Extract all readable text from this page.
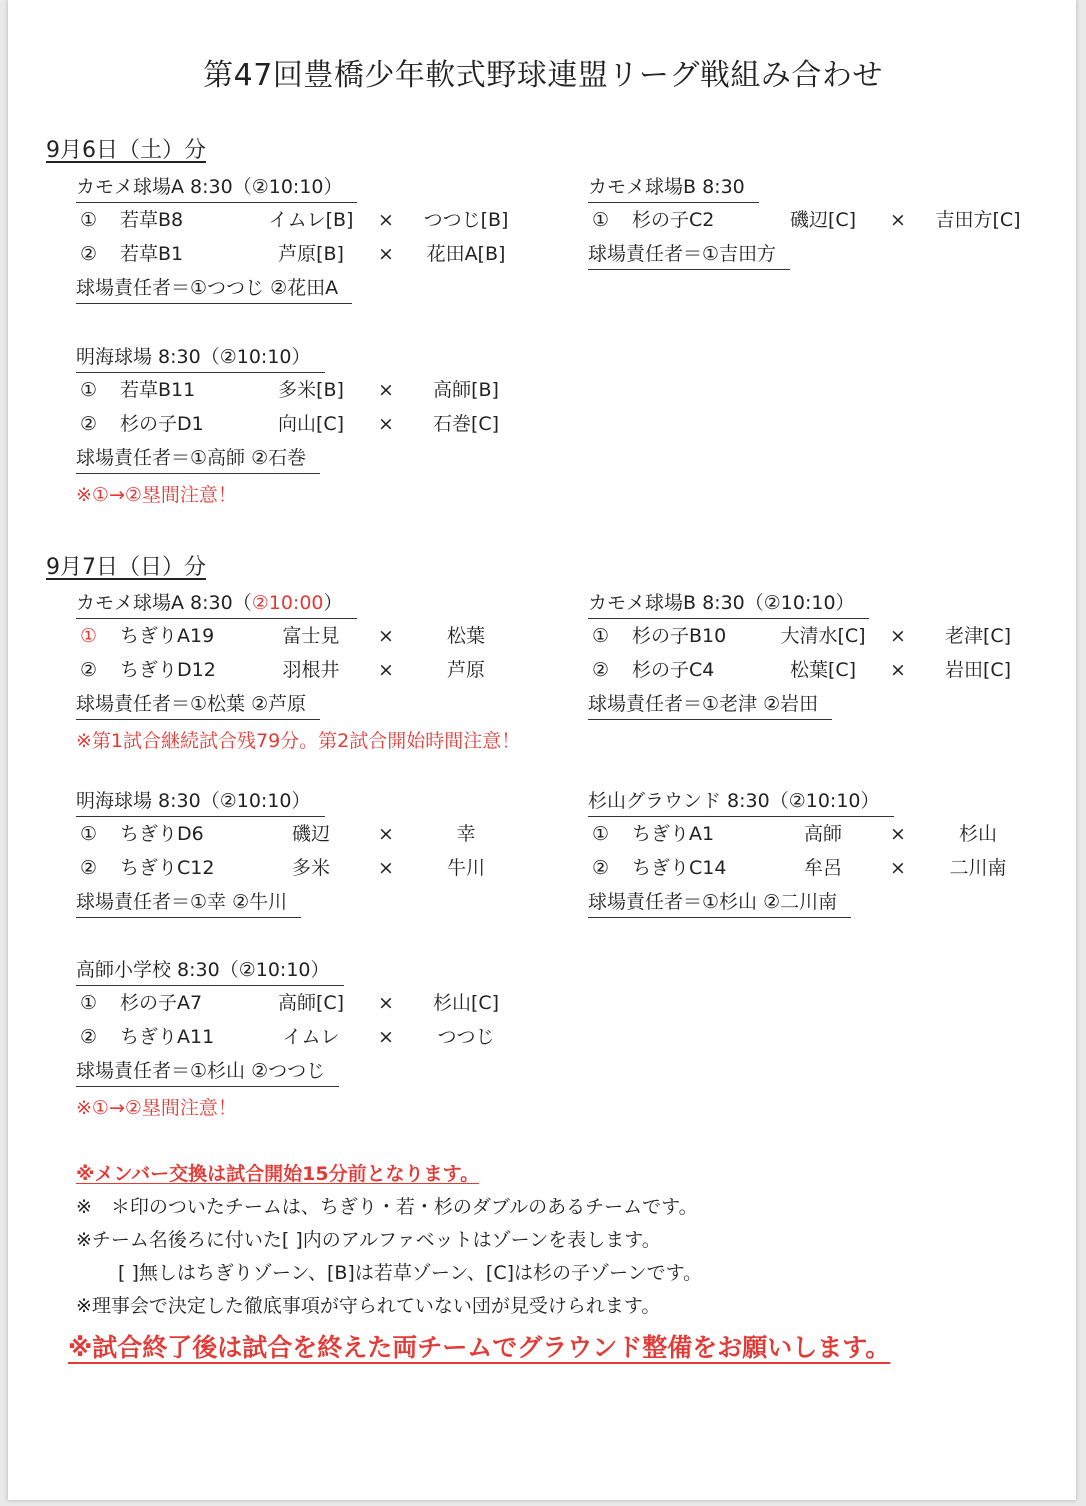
第47回豊橋少年軟式野球連盟リーグ戦組み合わせ
9月6日（土）分
カモメ球場A 8:30（②10:10）
① 若草B8	イムレ[B]	×	つつじ[B]
② 若草B1	芦原[B]	×	花田A[B]
球場責任者＝①つつじ ②花田A
カモメ球場B 8:30
① 杉の子C2	磯辺[C]	×	吉田方[C]
球場責任者＝①吉田方
明海球場 8:30（②10:10）
① 若草B11	多米[B]	×	高師[B]
② 杉の子D1	向山[C]	×	石巻[C]
球場責任者＝①高師 ②石巻
※①→②塁間注意！
9月7日（日）分
カモメ球場A 8:30（②10:00）
① ちぎりA19	富士見	×	松葉
② ちぎりD12	羽根井	×	芦原
球場責任者＝①松葉 ②芦原
※第1試合継続試合残79分。第2試合開始時間注意！
カモメ球場B 8:30（②10:10）
① 杉の子B10	大清水[C]	×	老津[C]
② 杉の子C4	松葉[C]	×	岩田[C]
球場責任者＝①老津 ②岩田
明海球場 8:30（②10:10）
① ちぎりD6	磯辺	×	幸
② ちぎりC12	多米	×	牛川
球場責任者＝①幸 ②牛川
杉山グラウンド 8:30（②10:10）
① ちぎりA1	高師	×	杉山
② ちぎりC14	牟呂	×	二川南
球場責任者＝①杉山 ②二川南
高師小学校 8:30（②10:10）
① 杉の子A7	高師[C]	×	杉山[C]
② ちぎりA11	イムレ	×	つつじ
球場責任者＝①杉山 ②つつじ
※①→②塁間注意！
※メンバー交換は試合開始15分前となります。
※　＊印のついたチームは、ちぎり・若・杉のダブルのあるチームです。
※チーム名後ろに付いた[ ]内のアルファベットはゾーンを表します。
[ ]無しはちぎりゾーン、[B]は若草ゾーン、[C]は杉の子ゾーンです。
※理事会で決定した徹底事項が守られていない団が見受けられます。
※試合終了後は試合を終えた両チームでグラウンド整備をお願いします。
